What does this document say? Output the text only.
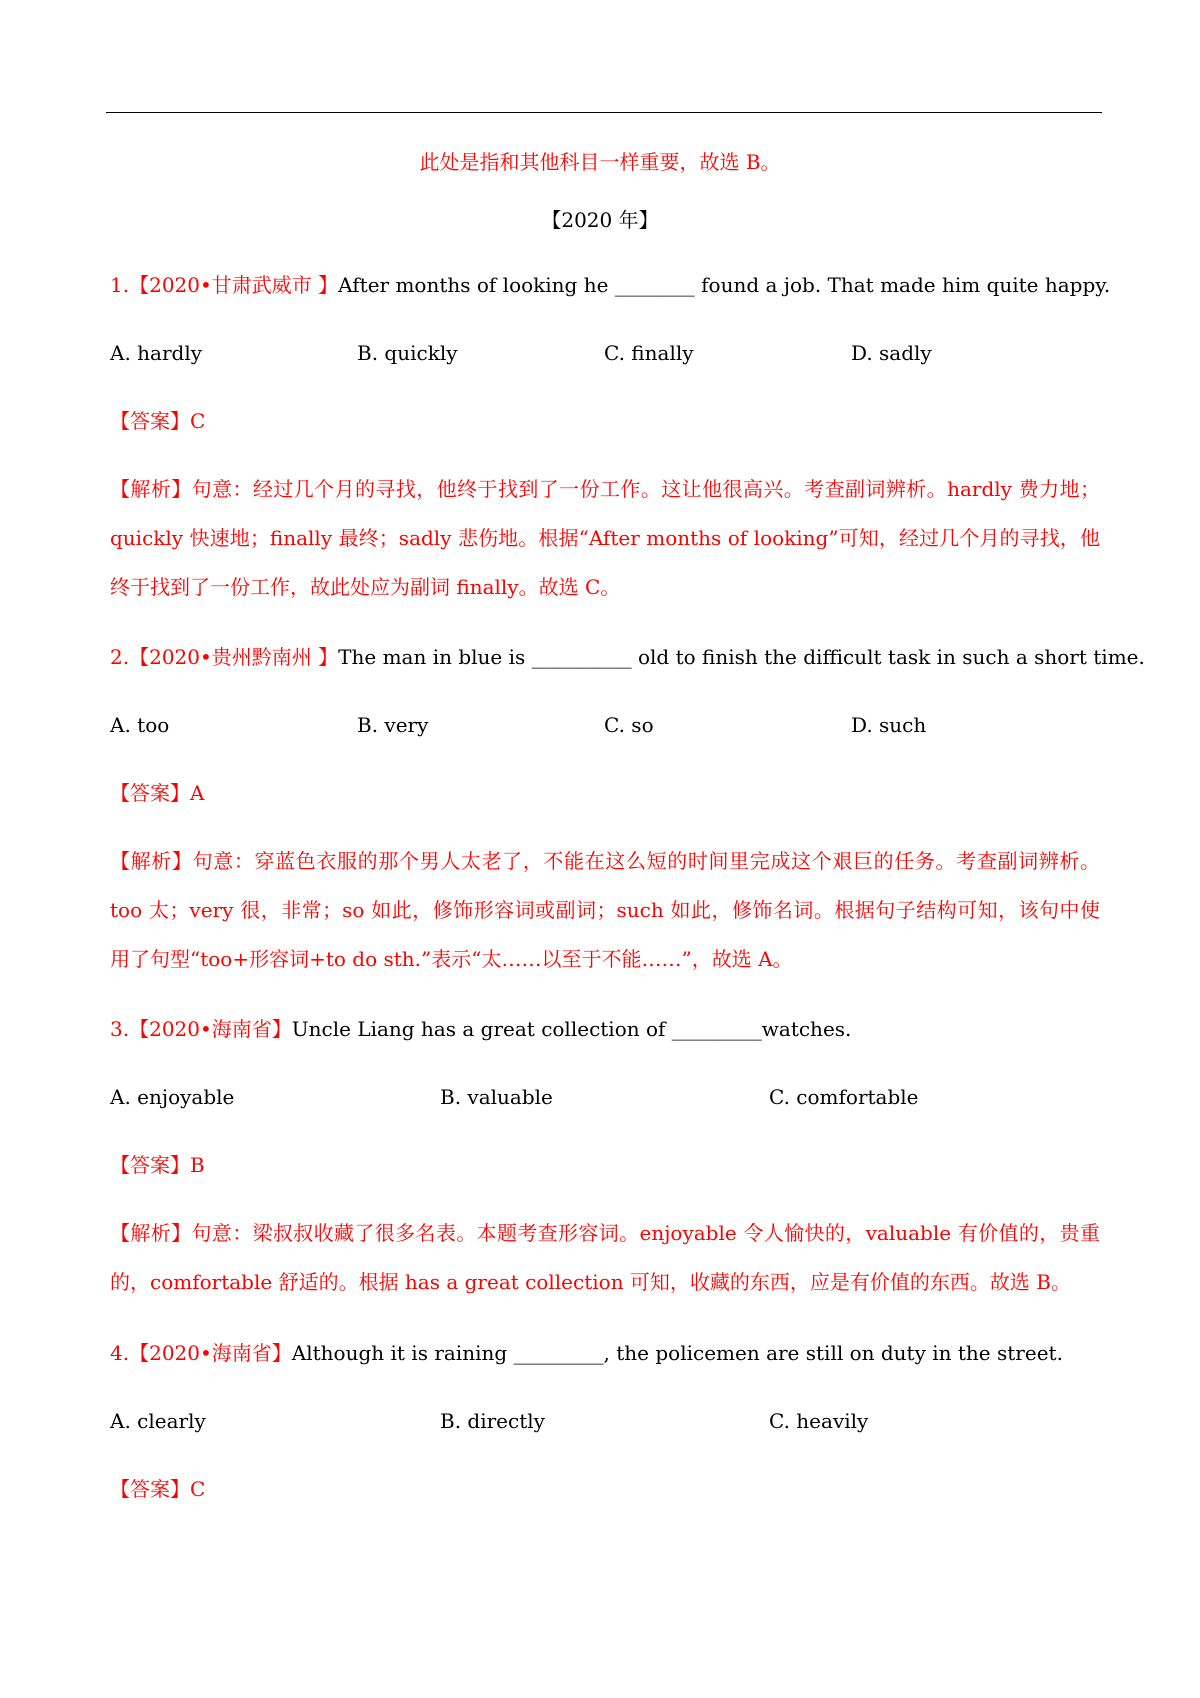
此处是指和其他科目一样重要，故选 B。
【2020 年】
1.【2020•甘肃武威市 】After months of looking he ________ found a job. That made him quite happy.
A. hardly	B. quickly	C. finally	D. sadly
【答案】C
【解析】句意：经过几个月的寻找，他终于找到了一份工作。这让他很高兴。考查副词辨析。hardly 费力地；quickly 快速地；finally 最终；sadly 悲伤地。根据“After months of looking”可知，经过几个月的寻找，他终于找到了一份工作，故此处应为副词 finally。故选 C。
2.【2020•贵州黔南州 】The man in blue is __________ old to finish the difficult task in such a short time.
A. too	B. very	C. so	D. such
【答案】A
【解析】句意：穿蓝色衣服的那个男人太老了，不能在这么短的时间里完成这个艰巨的任务。考查副词辨析。too 太；very 很，非常；so 如此，修饰形容词或副词；such 如此，修饰名词。根据句子结构可知，该句中使用了句型“too+形容词+to do sth.”表示“太……以至于不能……”，故选 A。
3.【2020•海南省】Uncle Liang has a great collection of _________watches.
A. enjoyable	B. valuable	C. comfortable
【答案】B
【解析】句意：梁叔叔收藏了很多名表。本题考查形容词。enjoyable 令人愉快的，valuable 有价值的，贵重的，comfortable 舒适的。根据 has a great collection 可知，收藏的东西，应是有价值的东西。故选 B。
4.【2020•海南省】Although it is raining _________, the policemen are still on duty in the street.
A. clearly	B. directly	C. heavily
【答案】C
